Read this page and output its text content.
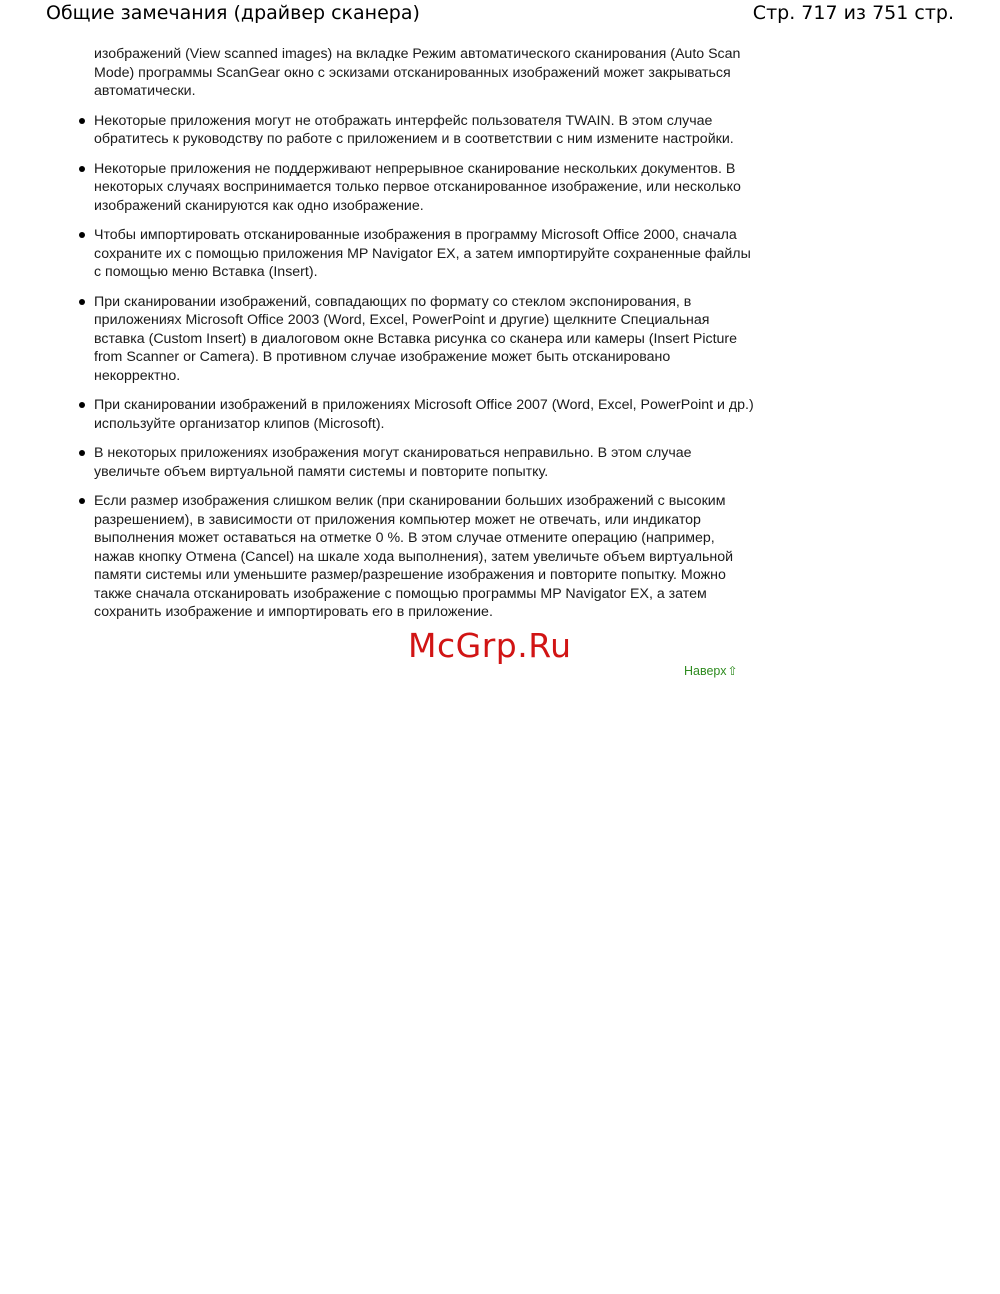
Общие замечания (драйвер сканера)	Стр. 717 из 751 стр.

изображений (View scanned images) на вкладке Режим автоматического сканирования (Auto Scan Mode) программы ScanGear окно с эскизами отсканированных изображений может закрываться автоматически.

Некоторые приложения могут не отображать интерфейс пользователя TWAIN. В этом случае обратитесь к руководству по работе с приложением и в соответствии с ним измените настройки.
Некоторые приложения не поддерживают непрерывное сканирование нескольких документов. В некоторых случаях воспринимается только первое отсканированное изображение, или несколько изображений сканируются как одно изображение.
Чтобы импортировать отсканированные изображения в программу Microsoft Office 2000, сначала сохраните их с помощью приложения MP Navigator EX, а затем импортируйте сохраненные файлы с помощью меню Вставка (Insert).
При сканировании изображений, совпадающих по формату со стеклом экспонирования, в приложениях Microsoft Office 2003 (Word, Excel, PowerPoint и другие) щелкните Специальная вставка (Custom Insert) в диалоговом окне Вставка рисунка со сканера или камеры (Insert Picture from Scanner or Camera). В противном случае изображение может быть отсканировано некорректно.
При сканировании изображений в приложениях Microsoft Office 2007 (Word, Excel, PowerPoint и др.) используйте организатор клипов (Microsoft).
В некоторых приложениях изображения могут сканироваться неправильно. В этом случае увеличьте объем виртуальной памяти системы и повторите попытку.
Если размер изображения слишком велик (при сканировании больших изображений с высоким разрешением), в зависимости от приложения компьютер может не отвечать, или индикатор выполнения может оставаться на отметке 0 %. В этом случае отмените операцию (например, нажав кнопку Отмена (Cancel) на шкале хода выполнения), затем увеличьте объем виртуальной памяти системы или уменьшите размер/разрешение изображения и повторите попытку. Можно также сначала отсканировать изображение с помощью программы MP Navigator EX, а затем сохранить изображение и импортировать его в приложение.
Наверх⇧
McGrp.Ru
